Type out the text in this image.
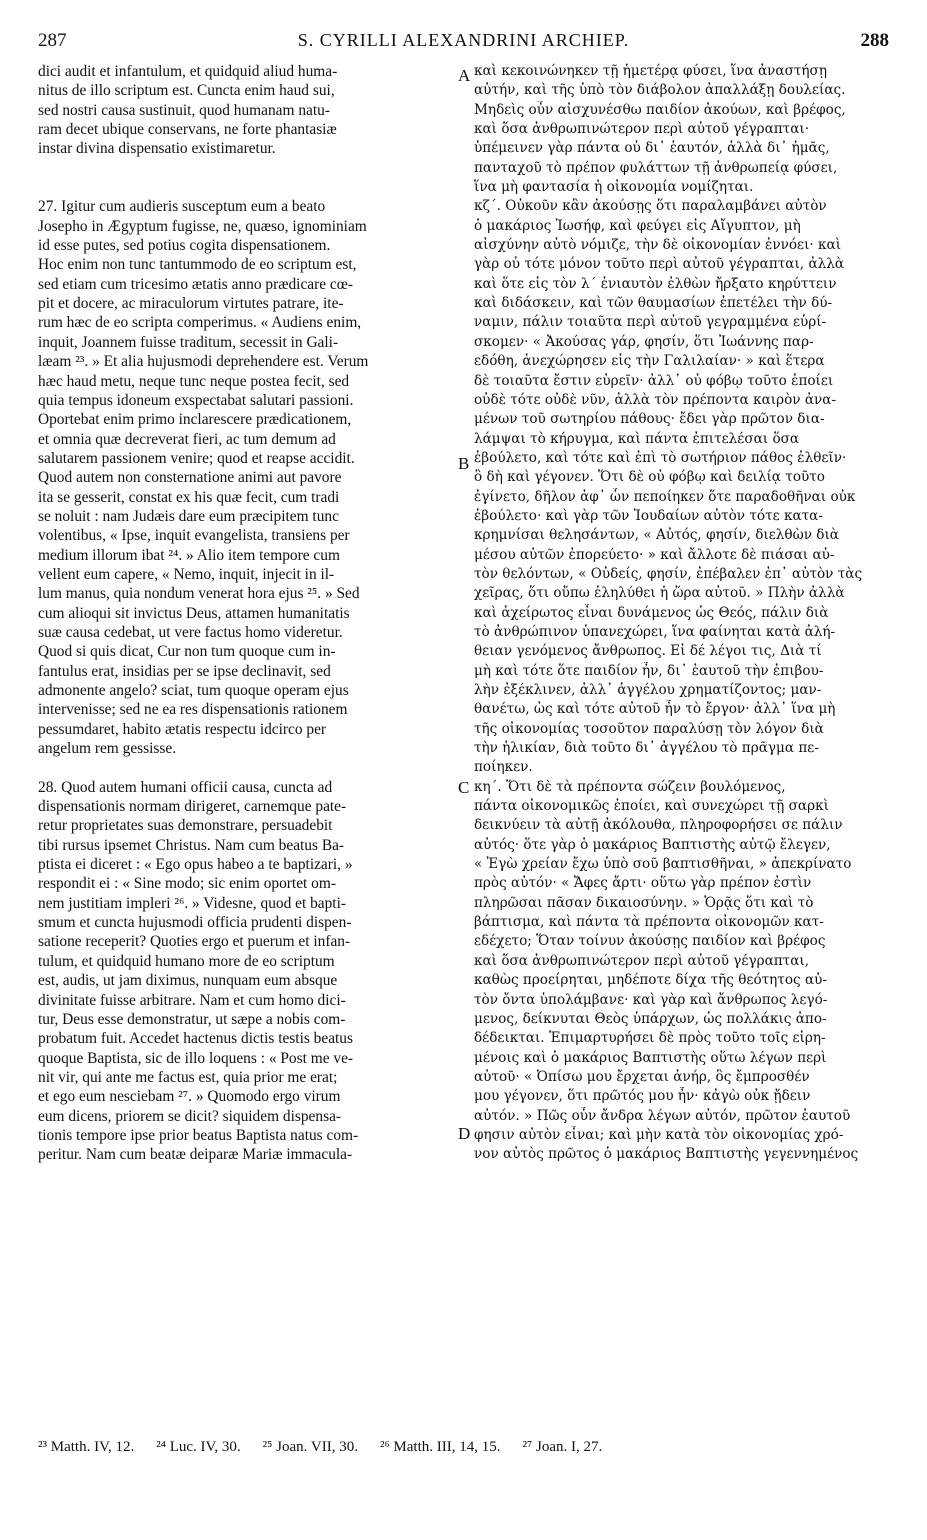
287	S. CYRILLI ALEXANDRINI ARCHIEP.	288
dici audit et infantulum, et quidquid aliud huma-
nitus de illo scriptum est. Cuncta enim haud sui,
sed nostri causa sustinuit, quod humanam natu-
ram decet ubique conservans, ne forte phantasiæ
instar divina dispensatio existimaretur.
27. Igitur cum audieris susceptum eum a beato
Josepho in Ægyptum fugisse, ne, quæso, ignominiam
id esse putes, sed potius cogita dispensationem.
Hoc enim non tunc tantummodo de eo scriptum est,
sed etiam cum tricesimo ætatis anno prædicare cœ-
pit et docere, ac miraculorum virtutes patrare, ite-
rum hæc de eo scripta comperimus. « Audiens enim,
inquit, Joannem fuisse traditum, secessit in Gali-
læam ²³. » Et alia hujusmodi deprehendere est. Verum
hæc haud metu, neque tunc neque postea fecit, sed
quia tempus idoneum exspectabat salutari passioni.
Oportebat enim primo inclarescere prædicationem,
et omnia quæ decreverat fieri, ac tum demum ad
salutarem passionem venire; quod et reapse accidit.
Quod autem non consternatione animi aut pavore
ita se gesserit, constat ex his quæ fecit, cum tradi
se noluit : nam Judæis dare eum præcipitem tunc
volentibus, « Ipse, inquit evangelista, transiens per
medium illorum ibat ²⁴. » Alio item tempore cum
vellent eum capere, « Nemo, inquit, injecit in il-
lum manus, quia nondum venerat hora ejus ²⁵. » Sed
cum alioqui sit invictus Deus, attamen humanitatis
suæ causa cedebat, ut vere factus homo videretur.
Quod si quis dicat, Cur non tum quoque cum in-
fantulus erat, insidias per se ipse declinavit, sed
admonente angelo? sciat, tum quoque operam ejus
intervenisse; sed ne ea res dispensationis rationem
pessumdaret, habito ætatis respectu idcirco per
angelum rem gessisse.
28. Quod autem humani officii causa, cuncta ad
dispensationis normam dirigeret, carnemque pate-
retur proprietates suas demonstrare, persuadebit
tibi rursus ipsemet Christus. Nam cum beatus Ba-
ptista ei diceret : « Ego opus habeo a te baptizari, »
respondit ei : « Sine modo; sic enim oportet om-
nem justitiam impleri ²⁶. » Videsne, quod et bapti-
smum et cuncta hujusmodi officia prudenti dispen-
satione receperit? Quoties ergo et puerum et infan-
tulum, et quidquid humano more de eo scriptum
est, audis, ut jam diximus, nunquam eum absque
divinitate fuisse arbitrare. Nam et cum homo dici-
tur, Deus esse demonstratur, ut sæpe a nobis com-
probatum fuit. Accedet hactenus dictis testis beatus
quoque Baptista, sic de illo loquens : « Post me ve-
nit vir, qui ante me factus est, quia prior me erat;
et ego eum nesciebam ²⁷. » Quomodo ergo virum
eum dicens, priorem se dicit? siquidem dispensa-
tionis tempore ipse prior beatus Baptista natus com-
peritur. Nam cum beatæ deiparæ Mariæ immacula-
καὶ κεκοινώνηκεν τῇ ἡμετέρᾳ φύσει, ἵνα ἀναστήσῃ
αὐτήν, καὶ τῆς ὑπὸ τὸν διάβολον ἀπαλλάξῃ δουλείας.
Μηδεὶς οὖν αἰσχυνέσθω παιδίον ἀκούων, καὶ βρέφος,
καὶ ὅσα ἀνθρωπινώτερον περὶ αὐτοῦ γέγραπται·
ὑπέμεινεν γὰρ πάντα οὐ δι᾽ ἑαυτόν, ἀλλὰ δι᾽ ἡμᾶς,
πανταχοῦ τὸ πρέπον φυλάττων τῇ ἀνθρωπείᾳ φύσει,
ἵνα μὴ φαντασία ἡ οἰκονομία νομίζηται.
κζ΄. Οὐκοῦν κἂν ἀκούσῃς ὅτι παραλαμβάνει αὐτὸν
ὁ μακάριος Ἰωσήφ, καὶ φεύγει εἰς Αἴγυπτον, μὴ
αἰσχύνην αὐτὸ νόμιζε, τὴν δὲ οἰκονομίαν ἐννόει· καὶ
γὰρ οὐ τότε μόνον τοῦτο περὶ αὐτοῦ γέγραπται, ἀλλὰ
καὶ ὅτε εἰς τὸν λ΄ ἐνιαυτὸν ἐλθὼν ἤρξατο κηρύττειν
καὶ διδάσκειν, καὶ τῶν θαυμασίων ἐπετέλει τὴν δύ-
ναμιν, πάλιν τοιαῦτα περὶ αὐτοῦ γεγραμμένα εὑρί-
σκομεν· « Ἀκούσας γάρ, φησίν, ὅτι Ἰωάννης παρ-
εδόθη, ἀνεχώρησεν εἰς τὴν Γαλιλαίαν· » καὶ ἕτερα
δὲ τοιαῦτα ἔστιν εὑρεῖν· ἀλλ᾽ οὐ φόβῳ τοῦτο ἐποίει
οὐδὲ τότε οὐδὲ νῦν, ἀλλὰ τὸν πρέποντα καιρὸν ἀνα-
μένων τοῦ σωτηρίου πάθους· ἔδει γὰρ πρῶτον δια-
λάμψαι τὸ κήρυγμα, καὶ πάντα ἐπιτελέσαι ὅσα
ἐβούλετο, καὶ τότε καὶ ἐπὶ τὸ σωτήριον πάθος ἐλθεῖν·
ὃ δὴ καὶ γέγονεν. Ὅτι δὲ οὐ φόβῳ καὶ δειλίᾳ τοῦτο
ἐγίνετο, δῆλον ἀφ᾽ ὧν πεποίηκεν ὅτε παραδοθῆναι οὐκ
ἐβούλετο· καὶ γὰρ τῶν Ἰουδαίων αὐτὸν τότε κατα-
κρημνίσαι θελησάντων, « Αὐτός, φησίν, διελθὼν διὰ
μέσου αὐτῶν ἐπορεύετο· » καὶ ἄλλοτε δὲ πιάσαι αὐ-
τὸν θελόντων, « Οὐδείς, φησίν, ἐπέβαλεν ἐπ᾽ αὐτὸν τὰς
χεῖρας, ὅτι οὔπω ἐληλύθει ἡ ὥρα αὐτοῦ. » Πλὴν ἀλλὰ
καὶ ἀχείρωτος εἶναι δυνάμενος ὡς Θεός, πάλιν διὰ
τὸ ἀνθρώπινον ὑπανεχώρει, ἵνα φαίνηται κατὰ ἀλή-
θειαν γενόμενος ἄνθρωπος. Εἰ δέ λέγοι τις, Διὰ τί
μὴ καὶ τότε ὅτε παιδίον ἦν, δι᾽ ἑαυτοῦ τὴν ἐπιβου-
λὴν ἐξέκλινεν, ἀλλ᾽ ἀγγέλου χρηματίζοντος; μαν-
θανέτω, ὡς καὶ τότε αὐτοῦ ἦν τὸ ἔργον· ἀλλ᾽ ἵνα μὴ
τῆς οἰκονομίας τοσοῦτον παραλύσῃ τὸν λόγον διὰ
τὴν ἡλικίαν, διὰ τοῦτο δι᾽ ἀγγέλου τὸ πρᾶγμα πε-
ποίηκεν.
κη΄. Ὅτι δὲ τὰ πρέποντα σώζειν βουλόμενος,
πάντα οἰκονομικῶς ἐποίει, καὶ συνεχώρει τῇ σαρκὶ
δεικνύειν τὰ αὐτῇ ἀκόλουθα, πληροφορήσει σε πάλιν
αὐτός· ὅτε γὰρ ὁ μακάριος Βαπτιστὴς αὐτῷ ἔλεγεν,
« Ἐγὼ χρείαν ἔχω ὑπὸ σοῦ βαπτισθῆναι, » ἀπεκρίνατο
πρὸς αὐτόν· « Ἄφες ἄρτι· οὕτω γὰρ πρέπον ἐστὶν
πληρῶσαι πᾶσαν δικαιοσύνην. » Ὁρᾷς ὅτι καὶ τὸ
βάπτισμα, καὶ πάντα τὰ πρέποντα οἰκονομῶν κατ-
εδέχετο; Ὅταν τοίνυν ἀκούσῃς παιδίον καὶ βρέφος
καὶ ὅσα ἀνθρωπινώτερον περὶ αὐτοῦ γέγραπται,
καθὼς προείρηται, μηδέποτε δίχα τῆς θεότητος αὐ-
τὸν ὄντα ὑπολάμβανε· καὶ γὰρ καὶ ἄνθρωπος λεγό-
μενος, δείκνυται Θεὸς ὑπάρχων, ὡς πολλάκις ἀπο-
δέδεικται. Ἐπιμαρτυρήσει δὲ πρὸς τοῦτο τοῖς εἰρη-
μένοις καὶ ὁ μακάριος Βαπτιστὴς οὕτω λέγων περὶ
αὐτοῦ· « Ὀπίσω μου ἔρχεται ἀνήρ, ὃς ἔμπροσθέν
μου γέγονεν, ὅτι πρῶτός μου ἦν· κἀγὼ οὐκ ᾔδειν
αὐτόν. » Πῶς οὖν ἄνδρα λέγων αὐτόν, πρῶτον ἑαυτοῦ
φησιν αὐτὸν εἶναι; καὶ μὴν κατὰ τὸν οἰκονομίας χρό-
νον αὐτὸς πρῶτος ὁ μακάριος Βαπτιστὴς γεγεννημένος
A
B
C
D
²³ Matth. IV, 12. ²⁴ Luc. IV, 30. ²⁵ Joan. VII, 30. ²⁶ Matth. III, 14, 15. ²⁷ Joan. I, 27.
